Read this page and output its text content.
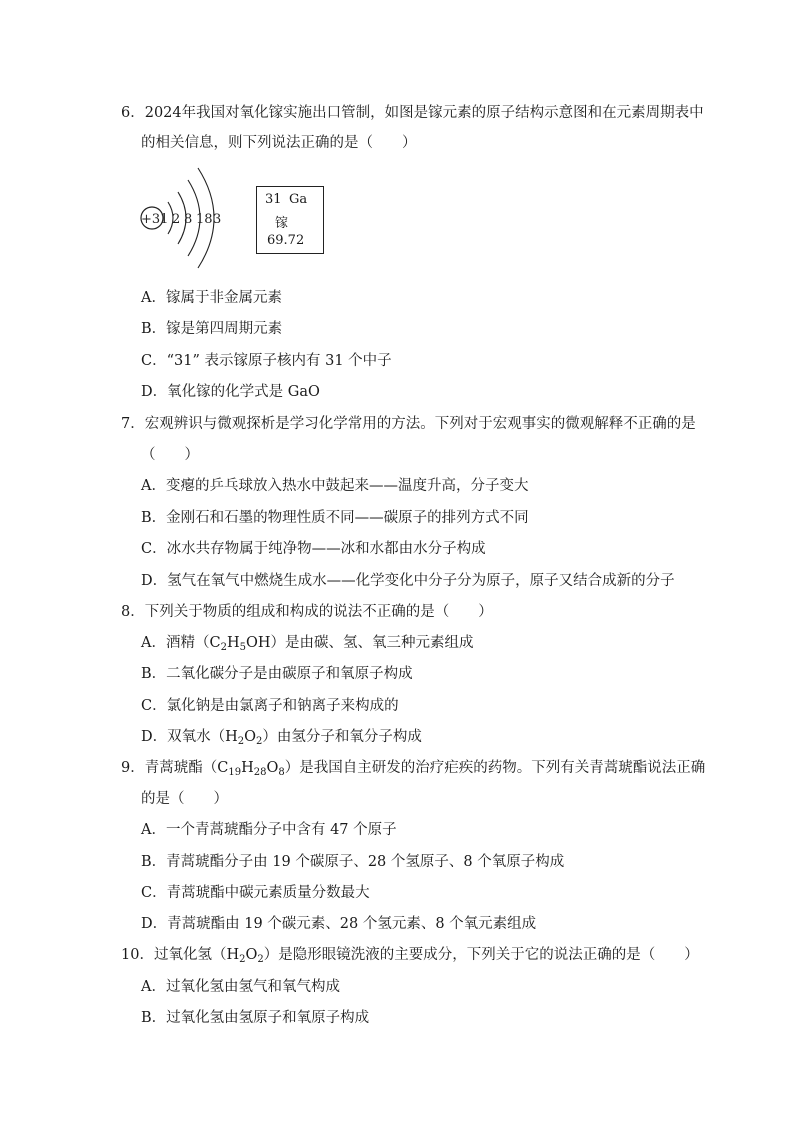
6．2024年我国对氧化镓实施出口管制，如图是镓元素的原子结构示意图和在元素周期表中
的相关信息，则下列说法正确的是（　　）
+31 2 8 18 3
31 Ga
镓
69.72
A．镓属于非金属元素
B．镓是第四周期元素
C．“31” 表示镓原子核内有 31 个中子
D．氧化镓的化学式是 GaO
7．宏观辨识与微观探析是学习化学常用的方法。下列对于宏观事实的微观解释不正确的是
（　　）
A．变瘪的乒乓球放入热水中鼓起来——温度升高，分子变大
B．金刚石和石墨的物理性质不同——碳原子的排列方式不同
C．冰水共存物属于纯净物——冰和水都由水分子构成
D．氢气在氧气中燃烧生成水——化学变化中分子分为原子，原子又结合成新的分子
8．下列关于物质的组成和构成的说法不正确的是（　　）
A．酒精$(C_2H_5OH)$是由碳、氢、氧三种元素组成
B．二氧化碳分子是由碳原子和氧原子构成
C．氯化钠是由氯离子和钠离子来构成的
D．双氧水$(H_2O_2)$由氢分子和氧分子构成
9．青蒿琥酯$(C_{19}H_{28}O_8)$是我国自主研发的治疗疟疾的药物。下列有关青蒿琥酯说法正确
的是（　　）
A．一个青蒿琥酯分子中含有 47 个原子
B．青蒿琥酯分子由 19 个碳原子、28 个氢原子、8 个氧原子构成
C．青蒿琥酯中碳元素质量分数最大
D．青蒿琥酯由 19 个碳元素、28 个氢元素、8 个氧元素组成
10．过氧化氢$(H_2O_2)$是隐形眼镜洗液的主要成分，下列关于它的说法正确的是（　　）
A．过氧化氢由氢气和氧气构成
B．过氧化氢由氢原子和氧原子构成
